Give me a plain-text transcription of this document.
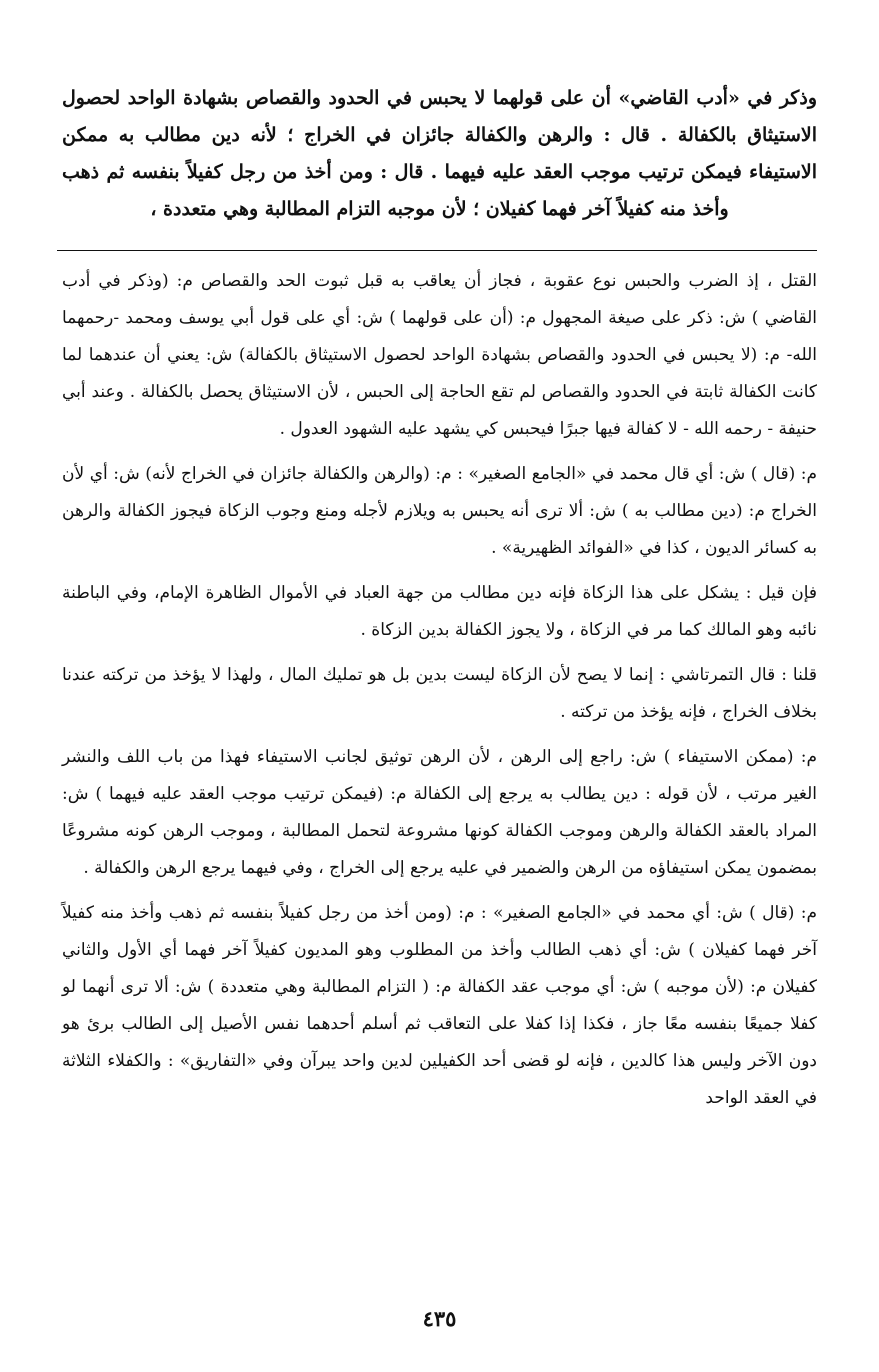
وذكر في «أدب القاضي» أن على قولهما لا يحبس في الحدود والقصاص بشهادة الواحد لحصول الاستيثاق بالكفالة . قال : والرهن والكفالة جائزان في الخراج ؛ لأنه دين مطالب به ممكن الاستيفاء فيمكن ترتيب موجب العقد عليه فيهما . قال : ومن أخذ من رجل كفيلاً بنفسه ثم ذهب وأخذ منه كفيلاً آخر فهما كفيلان ؛ لأن موجبه التزام المطالبة وهي متعددة ،

القتل ، إذ الضرب والحبس نوع عقوبة ، فجاز أن يعاقب به قبل ثبوت الحد والقصاص م: (وذكر في أدب القاضي ) ش: ذكر على صيغة المجهول م: (أن على قولهما ) ش: أي على قول أبي يوسف ومحمد -رحمهما الله- م: (لا يحبس في الحدود والقصاص بشهادة الواحد لحصول الاستيثاق بالكفالة) ش: يعني أن عندهما لما كانت الكفالة ثابتة في الحدود والقصاص لم تقع الحاجة إلى الحبس ، لأن الاستيثاق يحصل بالكفالة . وعند أبي حنيفة - رحمه الله - لا كفالة فيها جبرًا فيحبس كي يشهد عليه الشهود العدول .

م: (قال ) ش: أي قال محمد في «الجامع الصغير» : م: (والرهن والكفالة جائزان في الخراج لأنه) ش: أي لأن الخراج م: (دين مطالب به ) ش: ألا ترى أنه يحبس به ويلازم لأجله ومنع وجوب الزكاة فيجوز الكفالة والرهن به كسائر الديون ، كذا في «الفوائد الظهيرية» .

فإن قيل : يشكل على هذا الزكاة فإنه دين مطالب من جهة العباد في الأموال الظاهرة الإمام، وفي الباطنة نائبه وهو المالك كما مر في الزكاة ، ولا يجوز الكفالة بدين الزكاة .

قلنا : قال التمرتاشي : إنما لا يصح لأن الزكاة ليست بدين بل هو تمليك المال ، ولهذا لا يؤخذ من تركته عندنا بخلاف الخراج ، فإنه يؤخذ من تركته .

م: (ممكن الاستيفاء ) ش: راجع إلى الرهن ، لأن الرهن توثيق لجانب الاستيفاء فهذا من باب اللف والنشر الغير مرتب ، لأن قوله : دين يطالب به يرجع إلى الكفالة م: (فيمكن ترتيب موجب العقد عليه فيهما ) ش: المراد بالعقد الكفالة والرهن وموجب الكفالة كونها مشروعة لتحمل المطالبة ، وموجب الرهن كونه مشروعًا بمضمون يمكن استيفاؤه من الرهن والضمير في عليه يرجع إلى الخراج ، وفي فيهما يرجع الرهن والكفالة .

م: (قال ) ش: أي محمد في «الجامع الصغير» : م: (ومن أخذ من رجل كفيلاً بنفسه ثم ذهب وأخذ منه كفيلاً آخر فهما كفيلان ) ش: أي ذهب الطالب وأخذ من المطلوب وهو المديون كفيلاً آخر فهما أي الأول والثاني كفيلان م: (لأن موجبه ) ش: أي موجب عقد الكفالة م: ( التزام المطالبة وهي متعددة ) ش: ألا ترى أنهما لو كفلا جميعًا بنفسه معًا جاز ، فكذا إذا كفلا على التعاقب ثم أسلم أحدهما نفس الأصيل إلى الطالب برئ هو دون الآخر وليس هذا كالدين ، فإنه لو قضى أحد الكفيلين لدين واحد يبرآن وفي «التفاريق» : والكفلاء الثلاثة في العقد الواحد

٤٣٥
